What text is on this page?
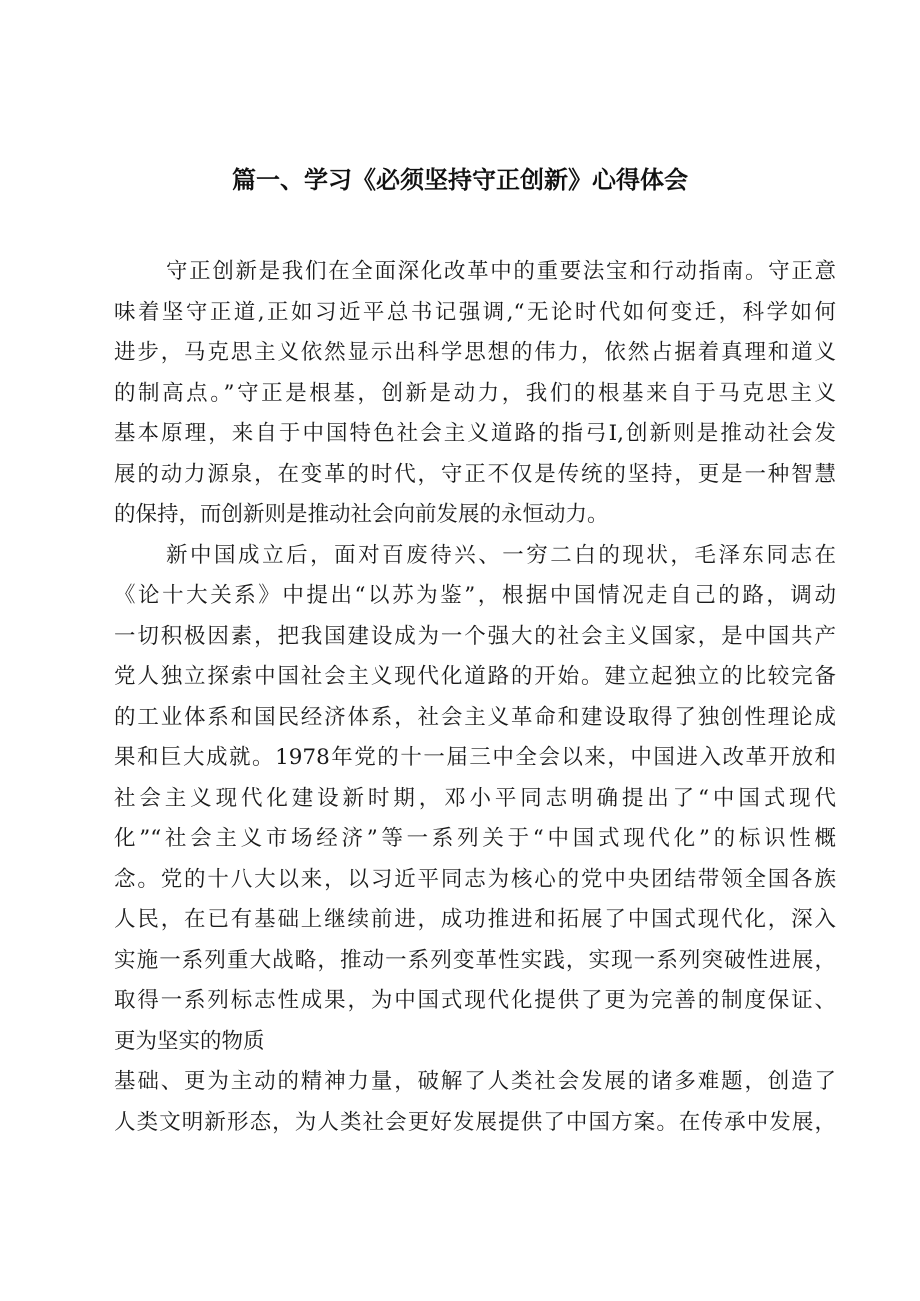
篇一、学习《必须坚持守正创新》心得体会
守正创新是我们在全面深化改革中的重要法宝和行动指南。守正意
味着坚守正道,正如习近平总书记强调,“无论时代如何变迁，科学如何
进步，马克思主义依然显示出科学思想的伟力，依然占据着真理和道义
的制高点。”守正是根基，创新是动力，我们的根基来自于马克思主义
基本原理，来自于中国特色社会主义道路的指弓I,创新则是推动社会发
展的动力源泉，在变革的时代，守正不仅是传统的坚持，更是一种智慧
的保持，而创新则是推动社会向前发展的永恒动力。
新中国成立后，面对百废待兴、一穷二白的现状，毛泽东同志在
《论十大关系》中提出“以苏为鉴”，根据中国情况走自己的路，调动
一切积极因素，把我国建设成为一个强大的社会主义国家，是中国共产
党人独立探索中国社会主义现代化道路的开始。建立起独立的比较完备
的工业体系和国民经济体系，社会主义革命和建设取得了独创性理论成
果和巨大成就。1978年党的十一届三中全会以来，中国进入改革开放和
社会主义现代化建设新时期，邓小平同志明确提出了“中国式现代
化”“社会主义市场经济”等一系列关于“中国式现代化”的标识性概
念。党的十八大以来，以习近平同志为核心的党中央团结带领全国各族
人民，在已有基础上继续前进，成功推进和拓展了中国式现代化，深入
实施一系列重大战略，推动一系列变革性实践，实现一系列突破性进展，
取得一系列标志性成果，为中国式现代化提供了更为完善的制度保证、
更为坚实的物质
基础、更为主动的精神力量，破解了人类社会发展的诸多难题，创造了
人类文明新形态，为人类社会更好发展提供了中国方案。在传承中发展，
